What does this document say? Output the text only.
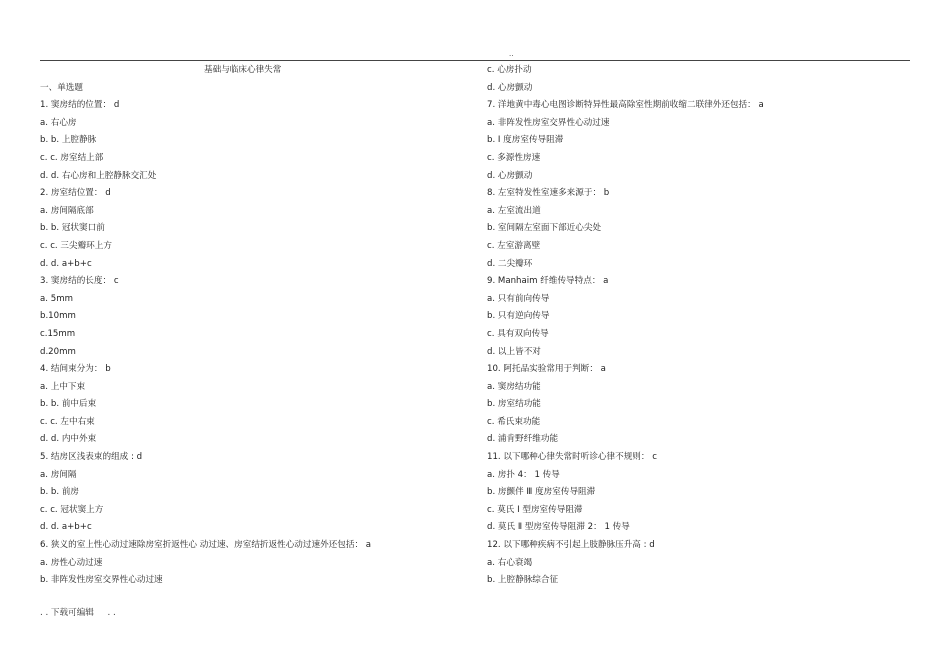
..
基础与临床心律失常
一、单选题
1. 窦房结的位置： d
a. 右心房
b. b. 上腔静脉
c. c. 房室结上部
d. d. 右心房和上腔静脉交汇处
2. 房室结位置： d
a. 房间隔底部
b. b. 冠状窦口前
c. c. 三尖瓣环上方
d. d. a+b+c
3. 窦房结的长度： c
a. 5mm
b.10mm
c.15mm
d.20mm
4. 结间束分为： b
a. 上中下束
b. b. 前中后束
c. c. 左中右束
d. d. 内中外束
5. 结房区浅表束的组成 : d
a. 房间隔
b. b. 前房
c. c. 冠状窦上方
d. d. a+b+c
6. 狭义的室上性心动过速除房室折返性心 动过速、房室结折返性心动过速外还包括： a
a. 房性心动过速
b. 非阵发性房室交界性心动过速
c. 心房扑动
d. 心房颤动
7. 洋地黄中毒心电图诊断特异性最高除室性期前收缩二联律外还包括： a
a. 非阵发性房室交界性心动过速
b. Ⅰ 度房室传导阻滞
c. 多源性房速
d. 心房颤动
8. 左室特发性室速多来源于： b
a. 左室流出道
b. 室间隔左室面下部近心尖处
c. 左室游离壁
d. 二尖瓣环
9. Manhaim 纤维传导特点： a
a. 只有前向传导
b. 只有逆向传导
c. 具有双向传导
d. 以上皆不对
10. 阿托品实验常用于判断： a
a. 窦房结功能
b. 房室结功能
c. 希氏束功能
d. 浦肯野纤维功能
11. 以下哪种心律失常时听诊心律不规则： c
a. 房扑 4： 1 传导
b. 房颤伴 Ⅲ 度房室传导阻滞
c. 莫氏 Ⅰ 型房室传导阻滞
d. 莫氏 Ⅱ 型房室传导阻滞 2： 1 传导
12. 以下哪种疾病不引起上肢静脉压升高 : d
a. 右心衰竭
b. 上腔静脉综合征
. . 下载可编辑     . .
